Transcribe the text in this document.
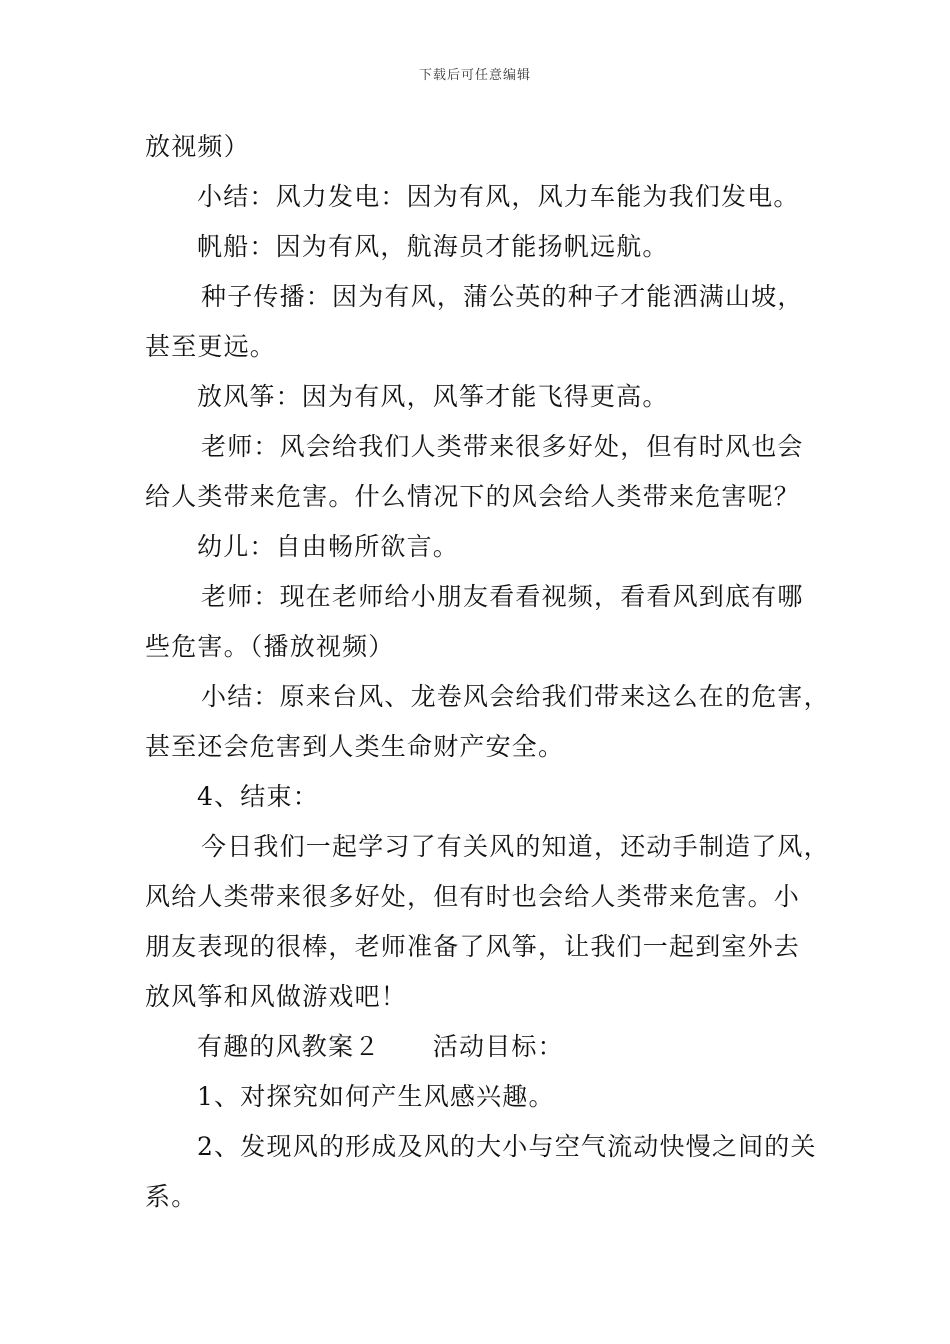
下载后可任意编辑
放视频）
小结：风力发电：因为有风，风力车能为我们发电。
帆船：因为有风，航海员才能扬帆远航。
种子传播：因为有风，蒲公英的种子才能洒满山坡，
甚至更远。
放风筝：因为有风，风筝才能飞得更高。
老师：风会给我们人类带来很多好处，但有时风也会
给人类带来危害。什么情况下的风会给人类带来危害呢？
幼儿：自由畅所欲言。
老师：现在老师给小朋友看看视频，看看风到底有哪
些危害。（播放视频）
小结：原来台风、龙卷风会给我们带来这么在的危害，
甚至还会危害到人类生命财产安全。
4、结束：
今日我们一起学习了有关风的知道，还动手制造了风，
风给人类带来很多好处，但有时也会给人类带来危害。小
朋友表现的很棒，老师准备了风筝，让我们一起到室外去
放风筝和风做游戏吧！
有趣的风教案２　　活动目标：
1、对探究如何产生风感兴趣。
2、发现风的形成及风的大小与空气流动快慢之间的关
系。
